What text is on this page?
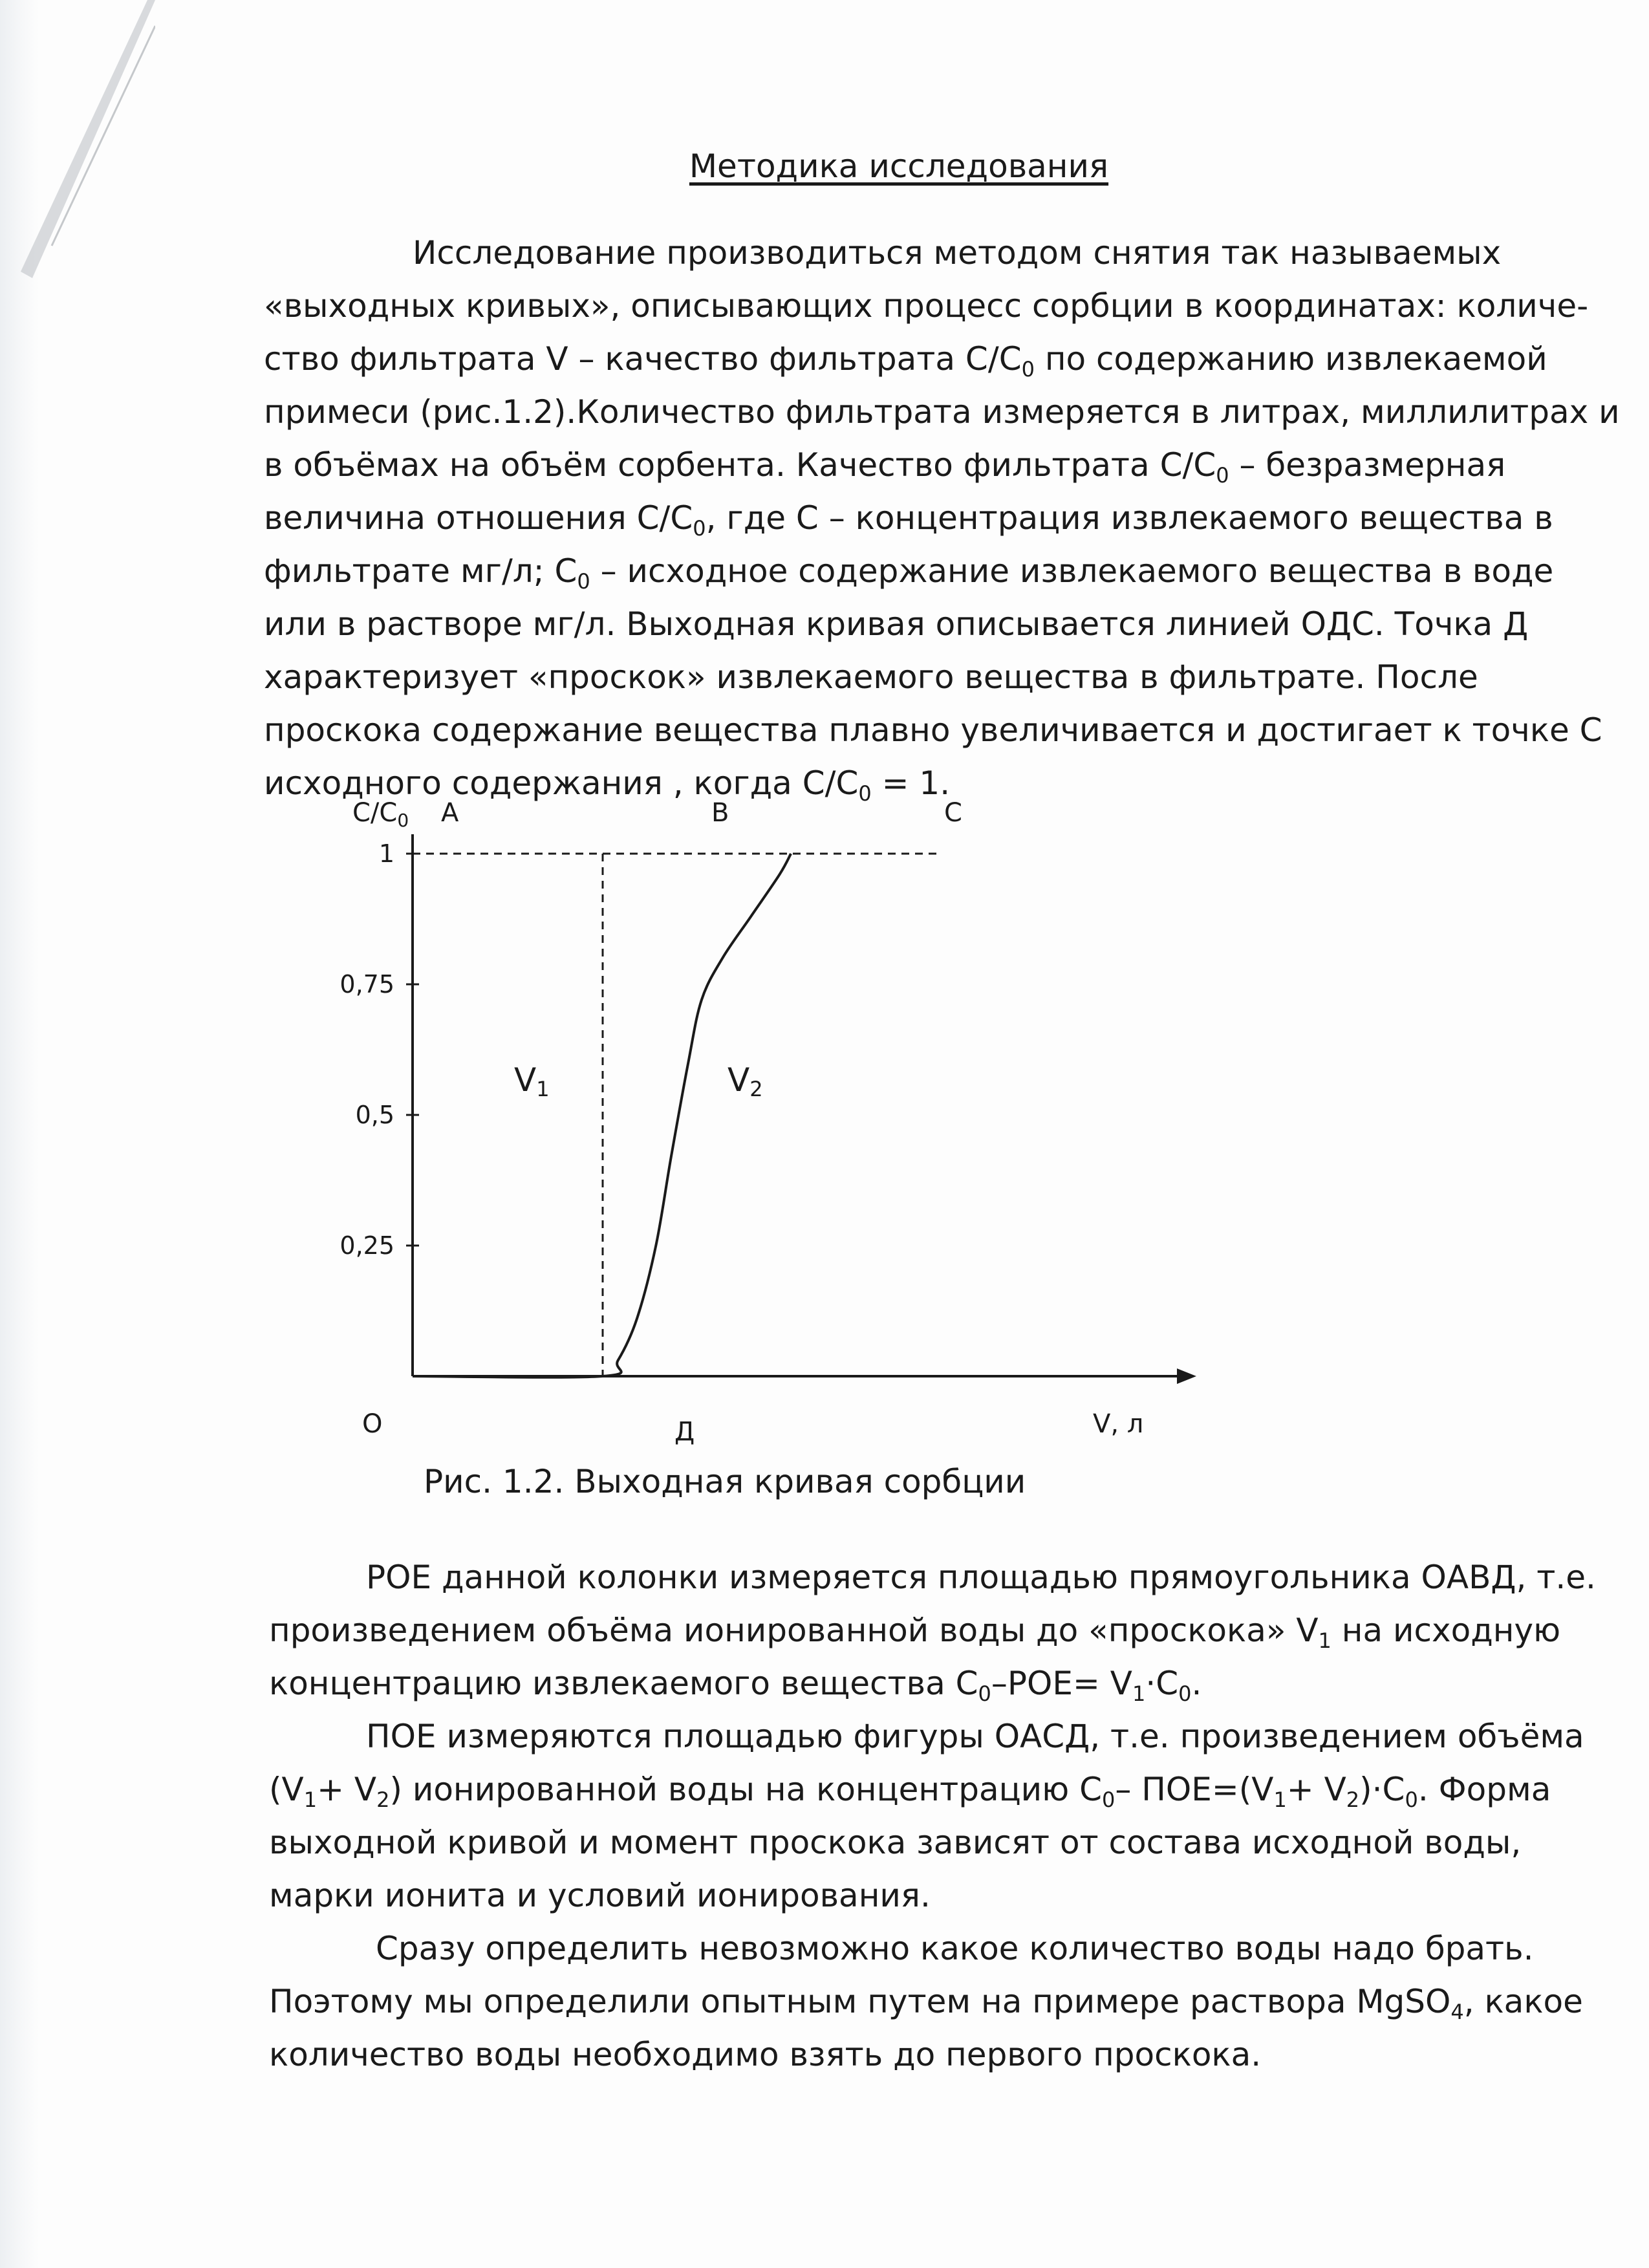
Методика исследования

Исследование производиться методом снятия так называемых
«выходных кривых», описывающих процесс сорбции в координатах: количе-
ство фильтрата V – качество фильтрата $C/C_0$ по содержанию извлекаемой
примеси (рис.1.2).Количество фильтрата измеряется в литрах, миллилитрах и
в объёмах на объём сорбента. Качество фильтрата $C/C_0$ – безразмерная
величина отношения $C/C_0$, где C – концентрация извлекаемого вещества в
фильтрате мг/л; $C_0$ – исходное содержание извлекаемого вещества в воде
или в растворе мг/л. Выходная кривая описывается линией ОДС. Точка Д
характеризует «проскок» извлекаемого вещества в фильтрате. После
проскока содержание вещества плавно увеличивается и достигает к точке С
исходного содержания , когда $C/C_0 = 1$.

0,25
0,5
0,75
1
$C/C_0$ А	В	С
О	Д	V, л
V1	V2
Рис. 1.2. Выходная кривая сорбции

РОЕ данной колонки измеряется площадью прямоугольника ОАВД, т.е.
произведением объёма ионированной воды до «проскока» $V_1$ на исходную
концентрацию извлекаемого вещества $C_0-РОЕ= V_1\cdot C_0$.
ПОЕ измеряются площадью фигуры ОАСД, т.е. произведением объёма
$(V_1+ V_2)$ ионированной воды на концентрацию $C_0-$ $ПОЕ=(V_1+ V_2)\cdot C_0$. Форма
выходной кривой и момент проскока зависят от состава исходной воды,
марки ионита и условий ионирования.
Сразу определить невозможно какое количество воды надо брать.
Поэтому мы определили опытным путем на примере раствора MgSO$_4$, какое
количество воды необходимо взять до первого проскока.
